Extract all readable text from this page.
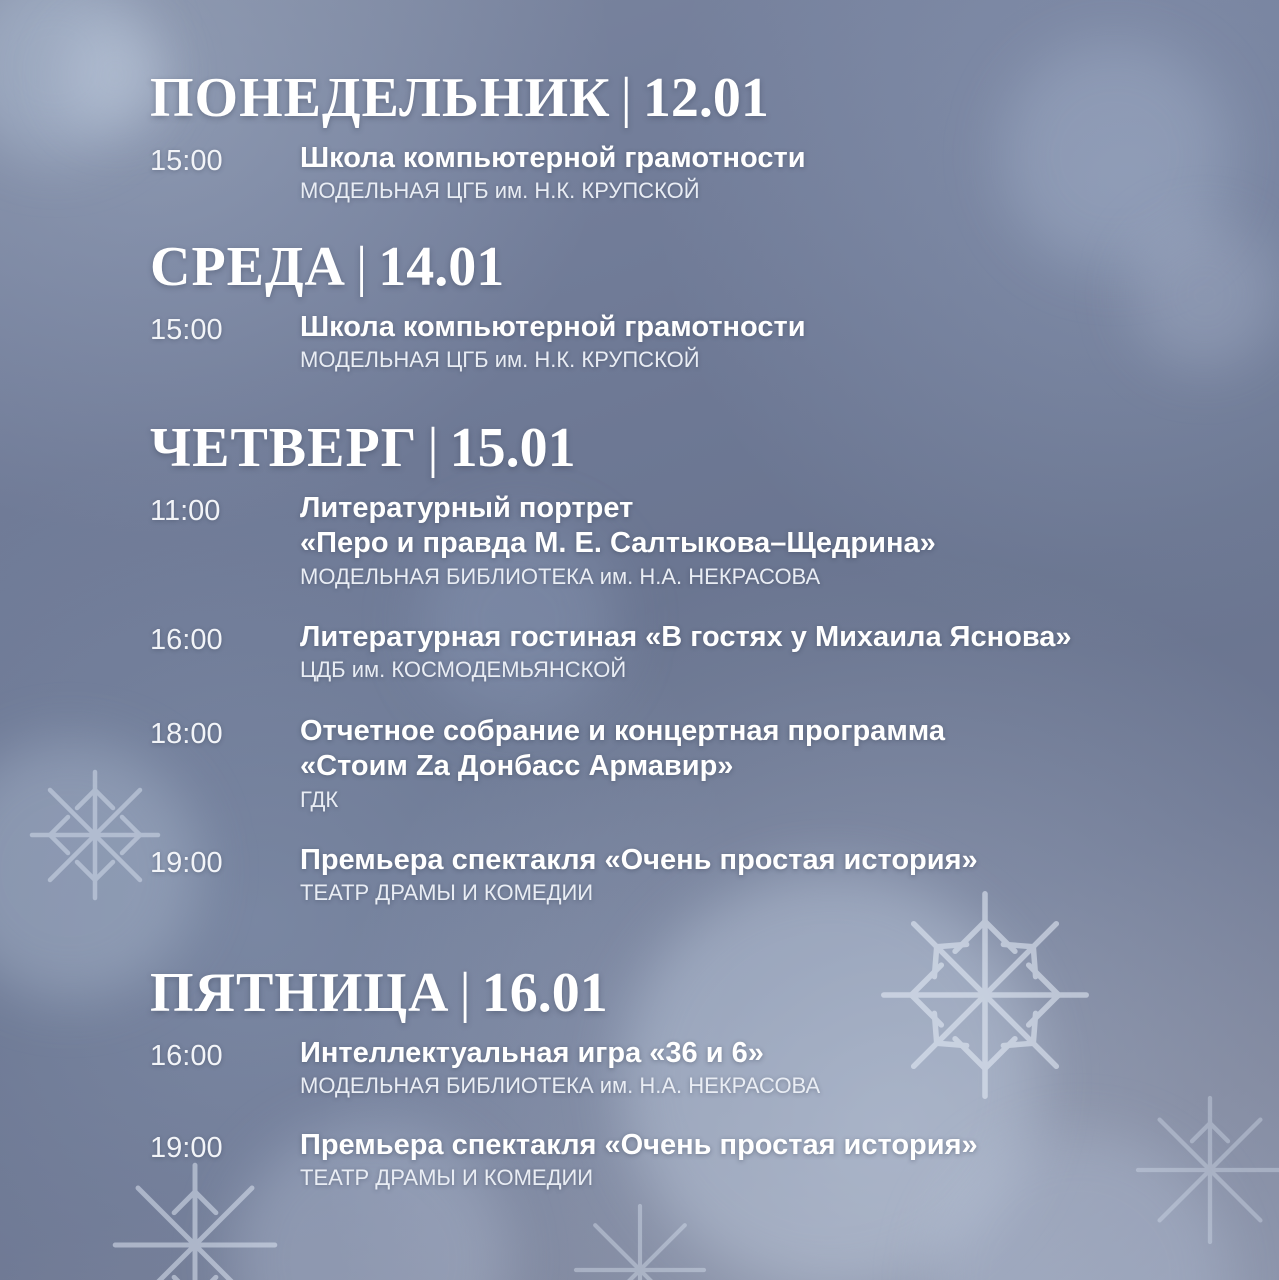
ПОНЕДЕЛЬНИК | 12.01
15:00	Школа компьютерной грамотности
МОДЕЛЬНАЯ ЦГБ им. Н.К. КРУПСКОЙ
СРЕДА | 14.01
15:00	Школа компьютерной грамотности
МОДЕЛЬНАЯ ЦГБ им. Н.К. КРУПСКОЙ
ЧЕТВЕРГ | 15.01
11:00	Литературный портрет
«Перо и правда М. Е. Салтыкова–Щедрина»
МОДЕЛЬНАЯ БИБЛИОТЕКА им. Н.А. НЕКРАСОВА
16:00	Литературная гостиная «В гостях у Михаила Яснова»
ЦДБ им. КОСМОДЕМЬЯНСКОЙ
18:00	Отчетное собрание и концертная программа
«Стоим Za Донбасс Армавир»
ГДК
19:00	Премьера спектакля «Очень простая история»
ТЕАТР ДРАМЫ И КОМЕДИИ
ПЯТНИЦА | 16.01
16:00	Интеллектуальная игра «36 и 6»
МОДЕЛЬНАЯ БИБЛИОТЕКА им. Н.А. НЕКРАСОВА
19:00	Премьера спектакля «Очень простая история»
ТЕАТР ДРАМЫ И КОМЕДИИ
